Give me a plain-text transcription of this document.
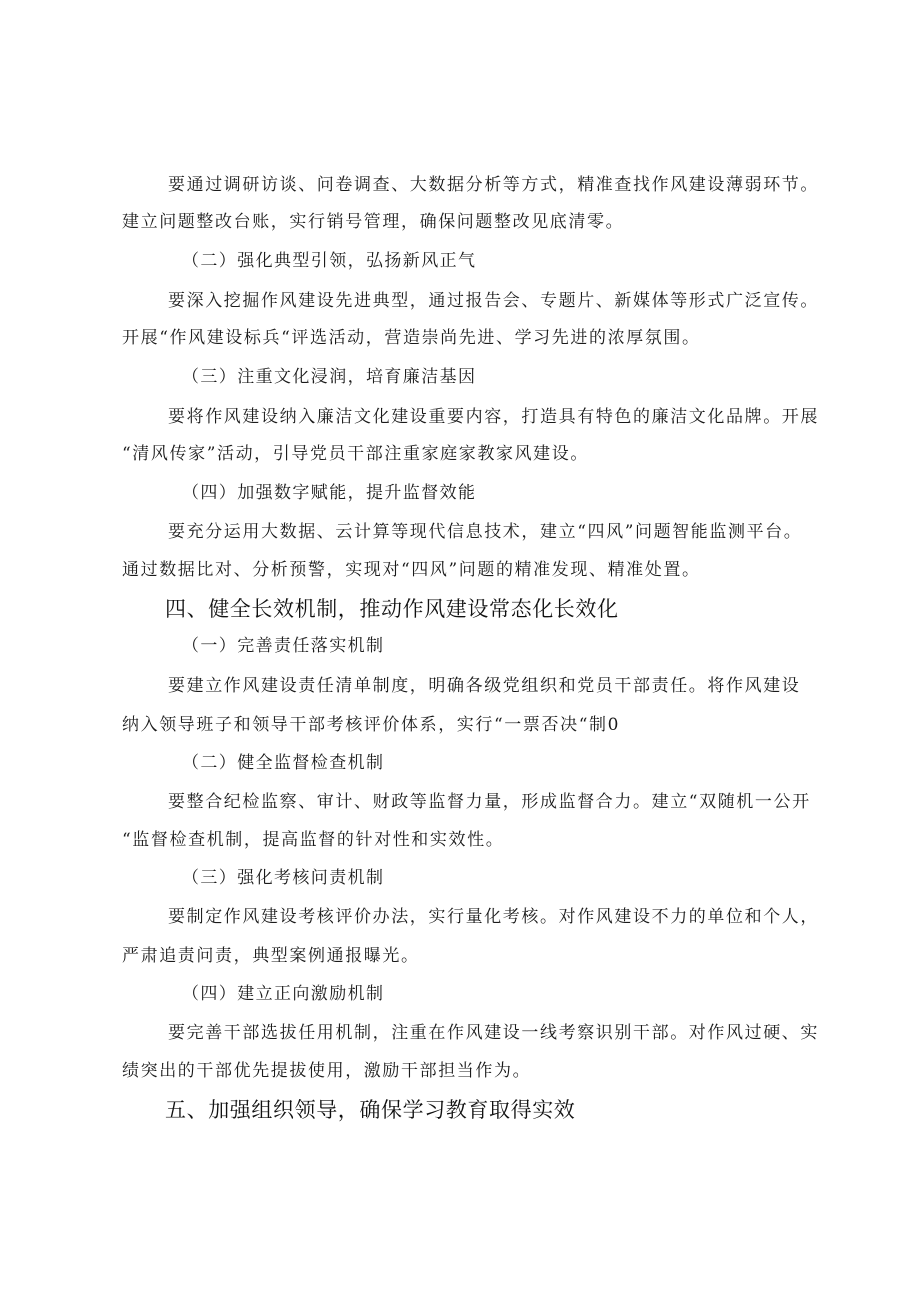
要通过调研访谈、问卷调查、大数据分析等方式，精准查找作风建设薄弱环节。
建立问题整改台账，实行销号管理，确保问题整改见底清零。
（二）强化典型引领，弘扬新风正气
要深入挖掘作风建设先进典型，通过报告会、专题片、新媒体等形式广泛宣传。
开展“作风建设标兵“评选活动，营造崇尚先进、学习先进的浓厚氛围。
（三）注重文化浸润，培育廉洁基因
要将作风建设纳入廉洁文化建设重要内容，打造具有特色的廉洁文化品牌。开展
“清风传家”活动，引导党员干部注重家庭家教家风建设。
（四）加强数字赋能，提升监督效能
要充分运用大数据、云计算等现代信息技术，建立“四风”问题智能监测平台。
通过数据比对、分析预警，实现对“四风”问题的精准发现、精准处置。
四、健全长效机制，推动作风建设常态化长效化
（一）完善责任落实机制
要建立作风建设责任清单制度，明确各级党组织和党员干部责任。将作风建设
纳入领导班子和领导干部考核评价体系，实行“一票否决“制0
（二）健全监督检查机制
要整合纪检监察、审计、财政等监督力量，形成监督合力。建立“双随机一公开
“监督检查机制，提高监督的针对性和实效性。
（三）强化考核问责机制
要制定作风建设考核评价办法，实行量化考核。对作风建设不力的单位和个人，
严肃追责问责，典型案例通报曝光。
（四）建立正向激励机制
要完善干部选拔任用机制，注重在作风建设一线考察识别干部。对作风过硬、实
绩突出的干部优先提拔使用，激励干部担当作为。
五、加强组织领导，确保学习教育取得实效
